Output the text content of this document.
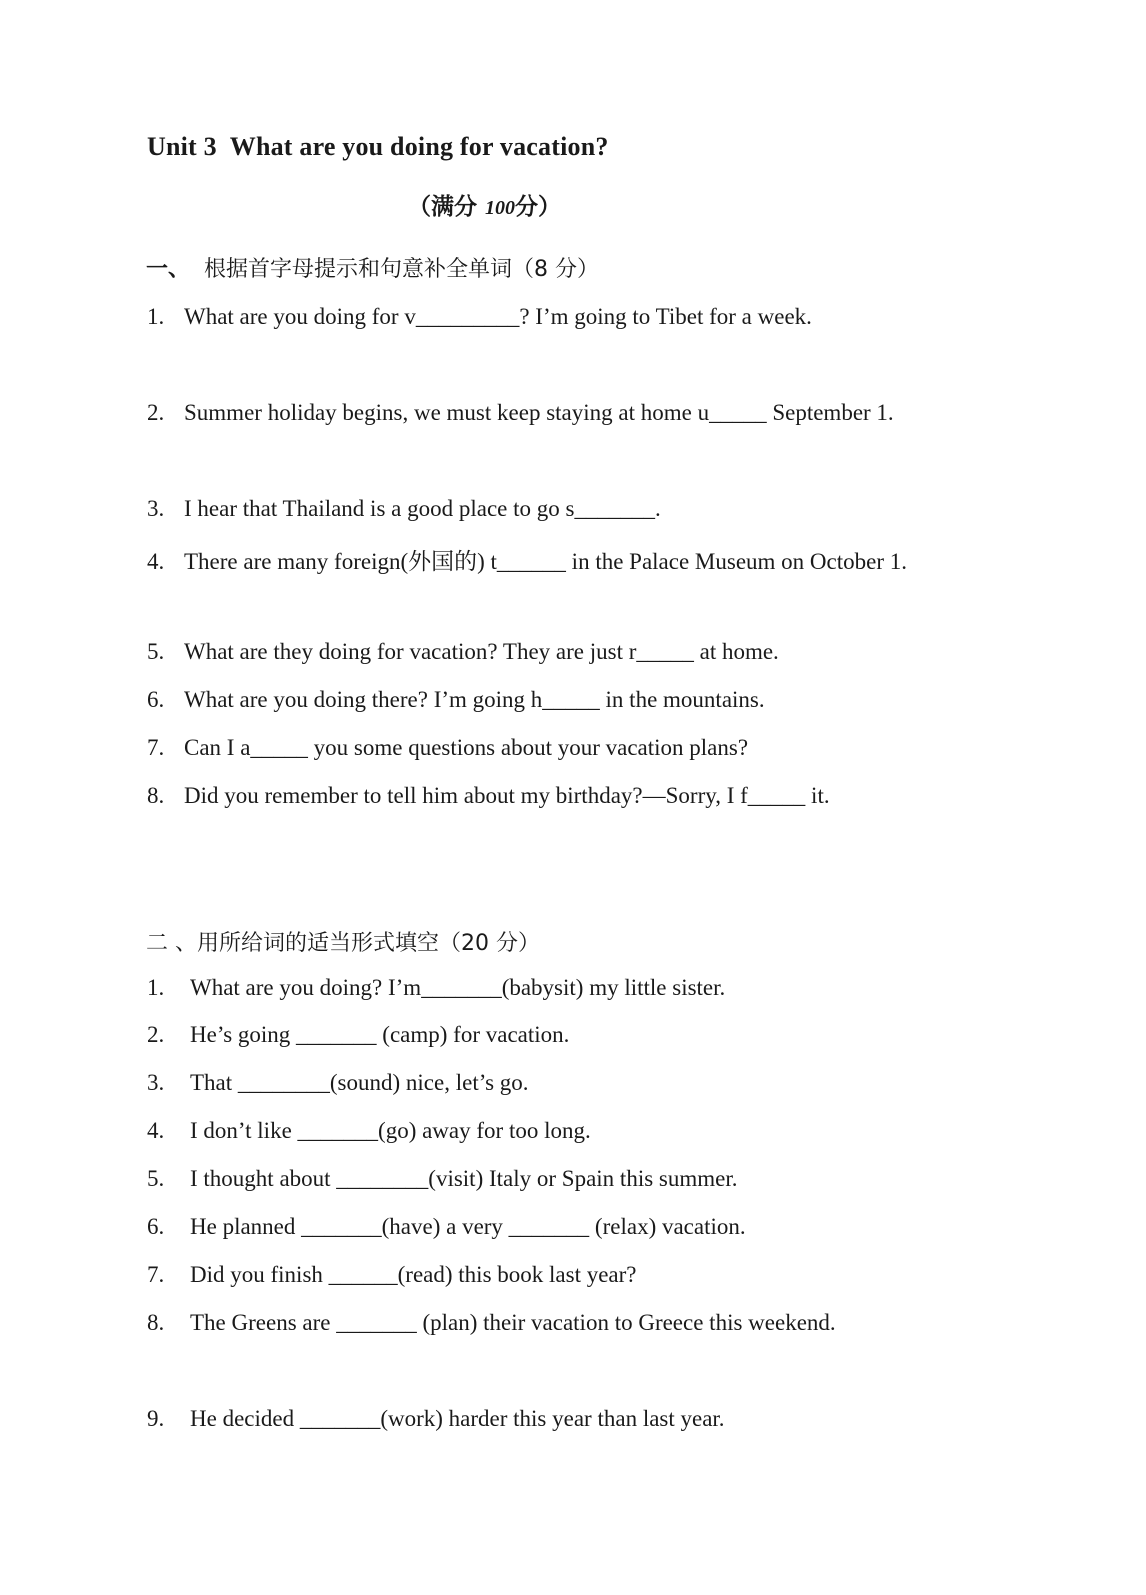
Unit 3  What are you doing for vacation?
（满分 100分）
一、 根据首字母提示和句意补全单词（8 分）
1. What are you doing for v_________? I’m going to Tibet for a week.
2. Summer holiday begins, we must keep staying at home u_____ September 1.
3. I hear that Thailand is a good place to go s_______.
4. There are many foreign(外国的) t______ in the Palace Museum on October 1.
5. What are they doing for vacation? They are just r_____ at home.
6. What are you doing there? I’m going h_____ in the mountains.
7. Can I a_____ you some questions about your vacation plans?
8. Did you remember to tell him about my birthday?—Sorry, I f_____ it.
二 、用所给词的适当形式填空（20 分）
1. What are you doing? I’m_______(babysit) my little sister.
2. He’s going _______ (camp) for vacation.
3. That ________(sound) nice, let’s go.
4. I don’t like _______(go) away for too long.
5. I thought about ________(visit) Italy or Spain this summer.
6. He planned _______(have) a very _______ (relax) vacation.
7. Did you finish ______(read) this book last year?
8. The Greens are _______ (plan) their vacation to Greece this weekend.
9. He decided _______(work) harder this year than last year.
